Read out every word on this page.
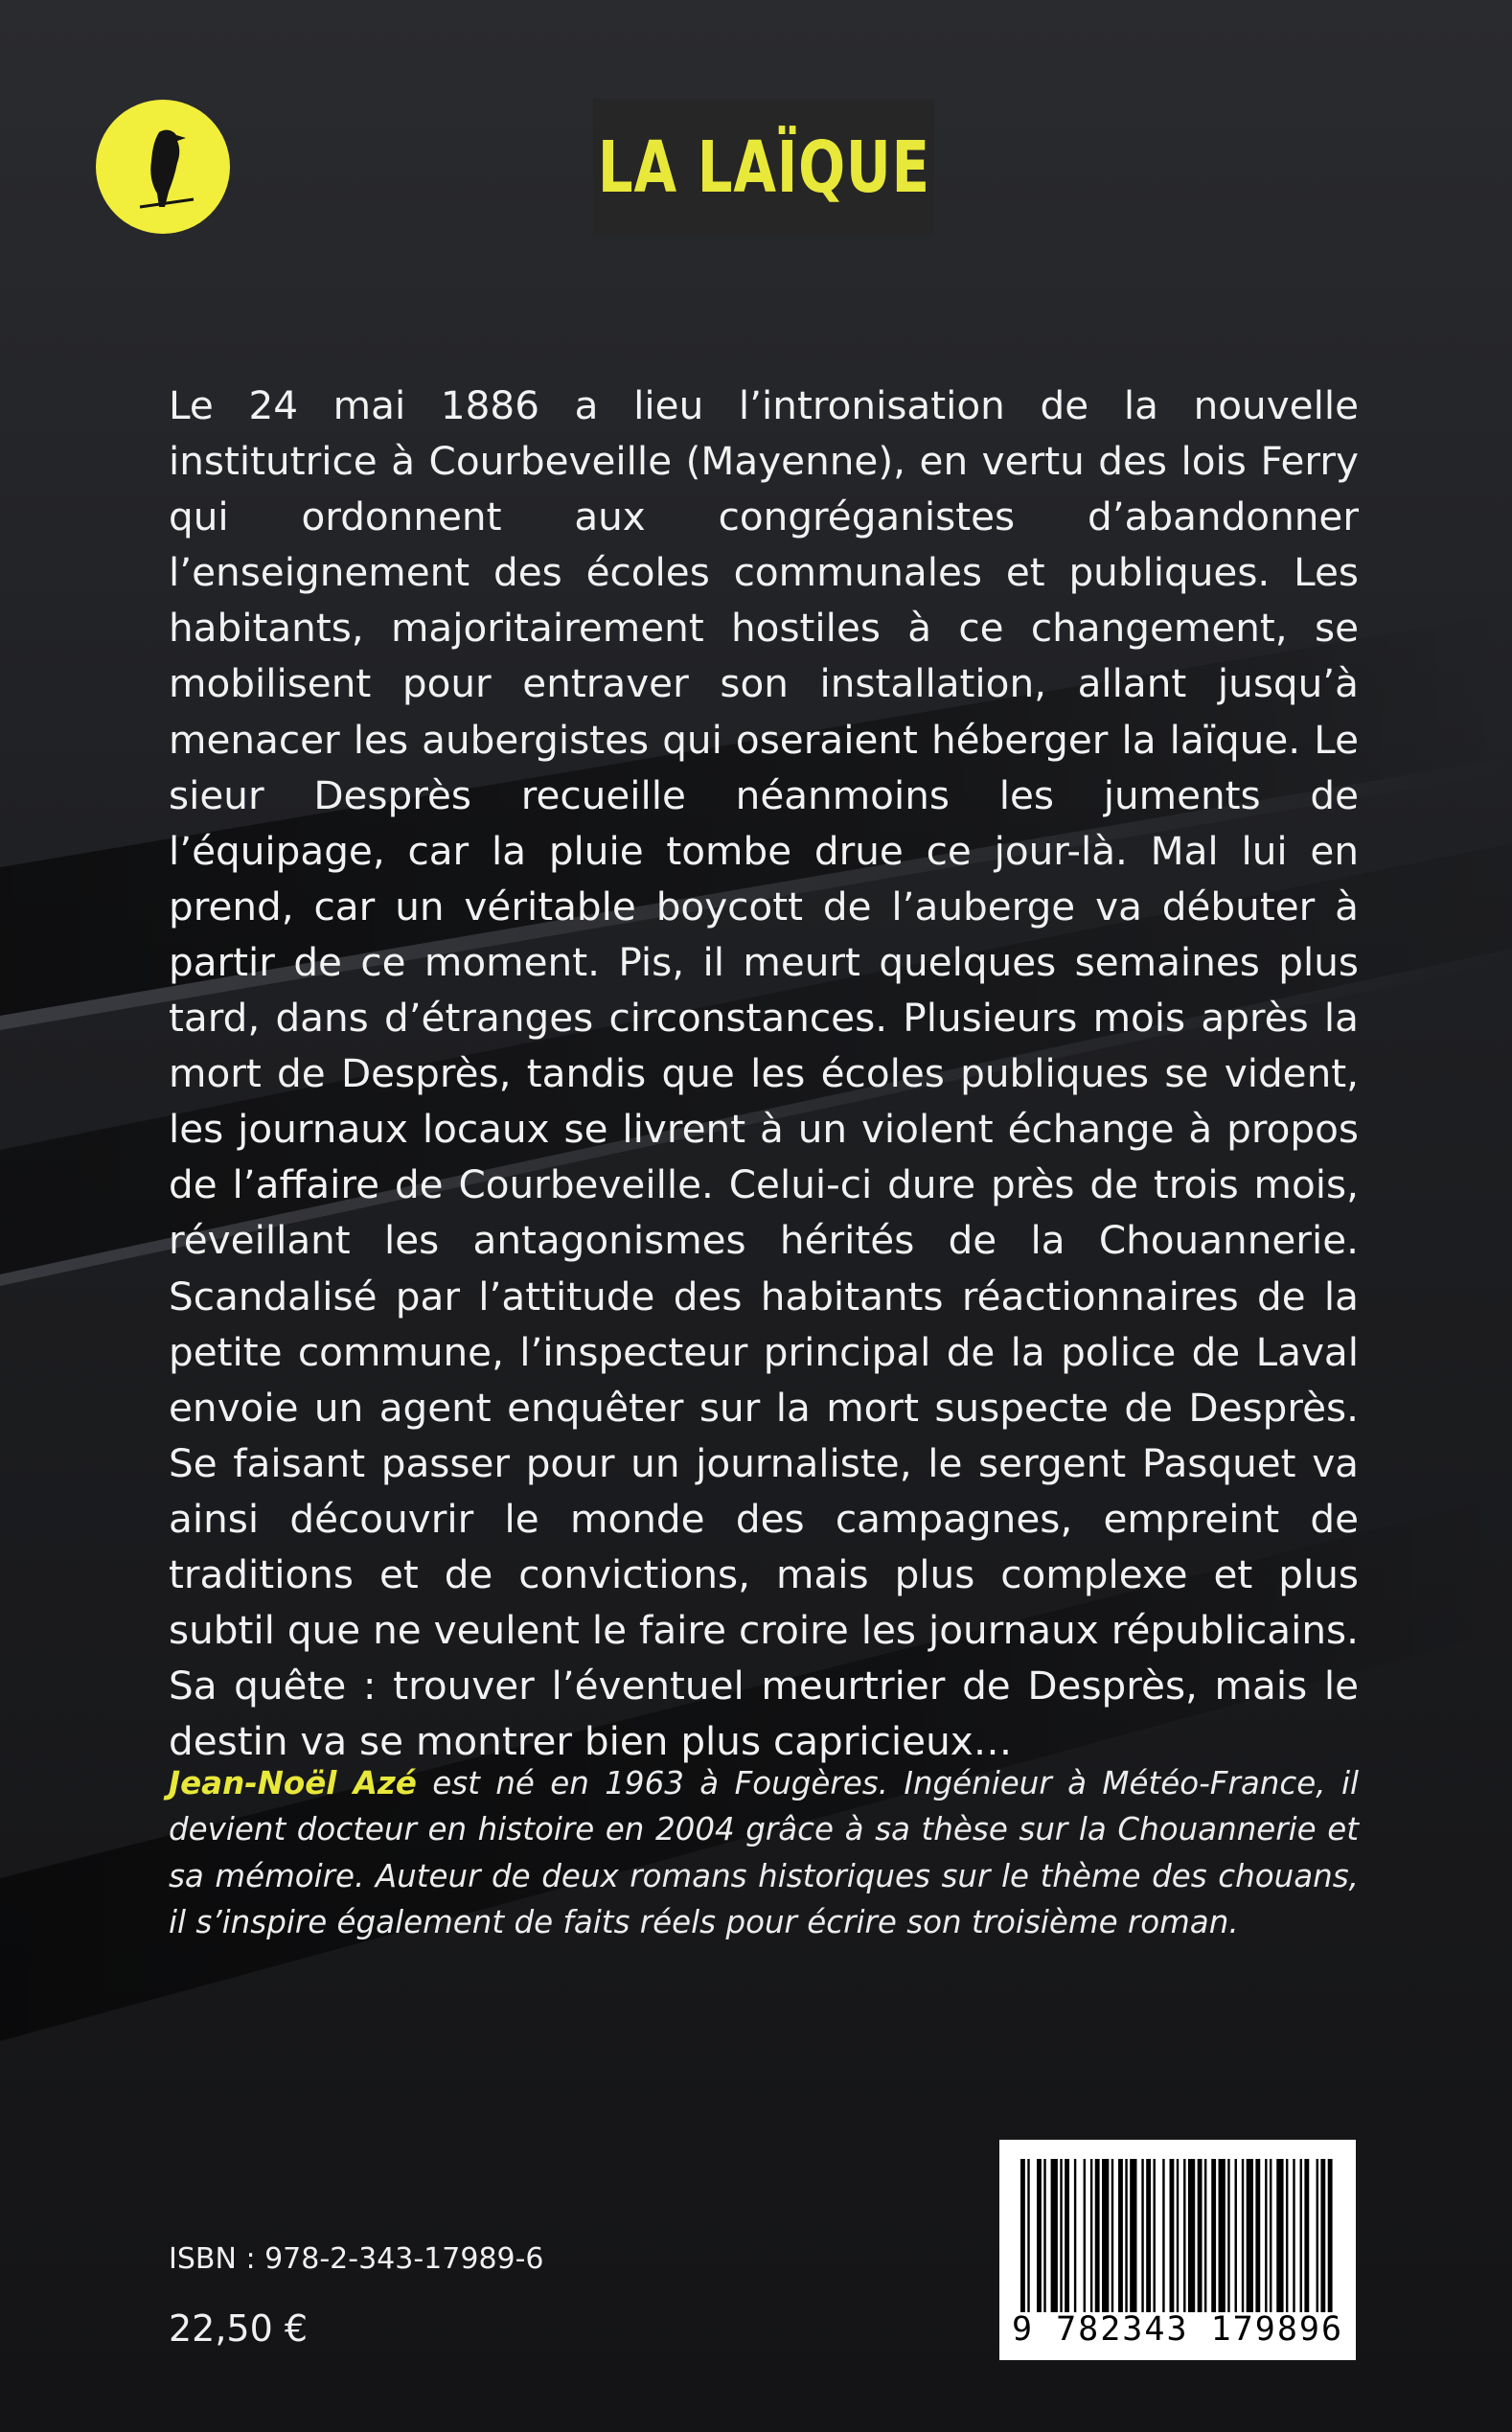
LA LAÏQUE

Le 24 mai 1886 a lieu l’intronisation de la nouvelle institutrice à Courbeveille (Mayenne), en vertu des lois Ferry qui ordonnent aux congréganistes d’abandonner l’enseignement des écoles communales et publiques. Les habitants, majoritairement hostiles à ce changement, se mobilisent pour entraver son installation, allant jusqu’à menacer les aubergistes qui oseraient héberger la laïque. Le sieur Desprès recueille néanmoins les juments de l’équipage, car la pluie tombe drue ce jour-là. Mal lui en prend, car un véritable boycott de l’auberge va débuter à partir de ce moment. Pis, il meurt quelques semaines plus tard, dans d’étranges circonstances. Plusieurs mois après la mort de Desprès, tandis que les écoles publiques se vident, les journaux locaux se livrent à un violent échange à propos de l’affaire de Courbeveille. Celui-ci dure près de trois mois, réveillant les antagonismes hérités de la Chouannerie. Scandalisé par l’attitude des habitants réactionnaires de la petite commune, l’inspecteur principal de la police de Laval envoie un agent enquêter sur la mort suspecte de Desprès. Se faisant passer pour un journaliste, le sergent Pasquet va ainsi découvrir le monde des campagnes, empreint de traditions et de convictions, mais plus complexe et plus subtil que ne veulent le faire croire les journaux républicains. Sa quête : trouver l’éventuel meurtrier de Desprès, mais le destin va se montrer bien plus capricieux…

Jean-Noël Azé est né en 1963 à Fougères. Ingénieur à Météo-France, il devient docteur en histoire en 2004 grâce à sa thèse sur la Chouannerie et sa mémoire. Auteur de deux romans historiques sur le thème des chouans, il s’inspire également de faits réels pour écrire son troisième roman.

ISBN : 978-2-343-17989-6

22,50 €	9 782343 179896
